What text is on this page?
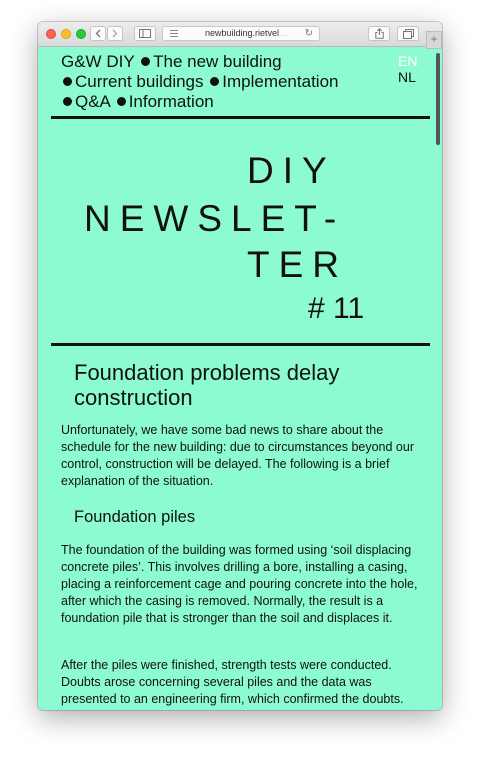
newbuilding.rietvel… ↻
G&W DIY The new building
Current buildings Implementation
Q&A Information
EN
NL
DIY
NEWSLET-
TER
# 11
Foundation problems delay construction

Unfortunately, we have some bad news to share about the schedule for the new building: due to circumstances beyond our control, construction will be delayed. The following is a brief explanation of the situation.

Foundation piles

The foundation of the building was formed using ‘soil displacing concrete piles’. This involves drilling a bore, installing a casing, placing a reinforcement cage and pouring concrete into the hole, after which the casing is removed. Normally, the result is a foundation pile that is stronger than the soil and displaces it.

After the piles were finished, strength tests were conducted. Doubts arose concerning several piles and the data was presented to an engineering firm, which confirmed the doubts.

+
